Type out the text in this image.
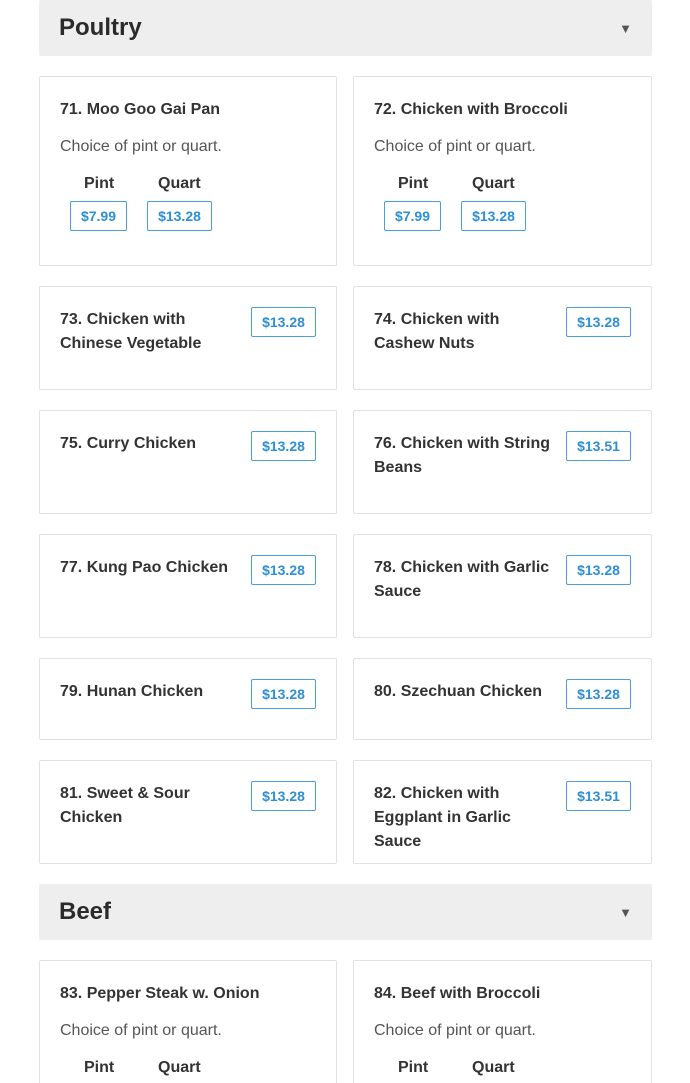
Poultry	▼
71. Moo Goo Gai Pan
Choice of pint or quart.
Pint	Quart
$7.99	$13.28
72. Chicken with Broccoli
Choice of pint or quart.
Pint	Quart
$7.99	$13.28
73. Chicken with Chinese Vegetable
$13.28	74. Chicken with Cashew Nuts
$13.28
75. Curry Chicken	$13.28	76. Chicken with String Beans
$13.51
77. Kung Pao Chicken	$13.28	78. Chicken with Garlic Sauce
$13.28
79. Hunan Chicken	$13.28	80. Szechuan Chicken	$13.28
81. Sweet & Sour Chicken
$13.28	82. Chicken with Eggplant in Garlic Sauce
$13.51
Beef	▼
83. Pepper Steak w. Onion
Choice of pint or quart.
Pint	Quart
84. Beef with Broccoli
Choice of pint or quart.
Pint	Quart
